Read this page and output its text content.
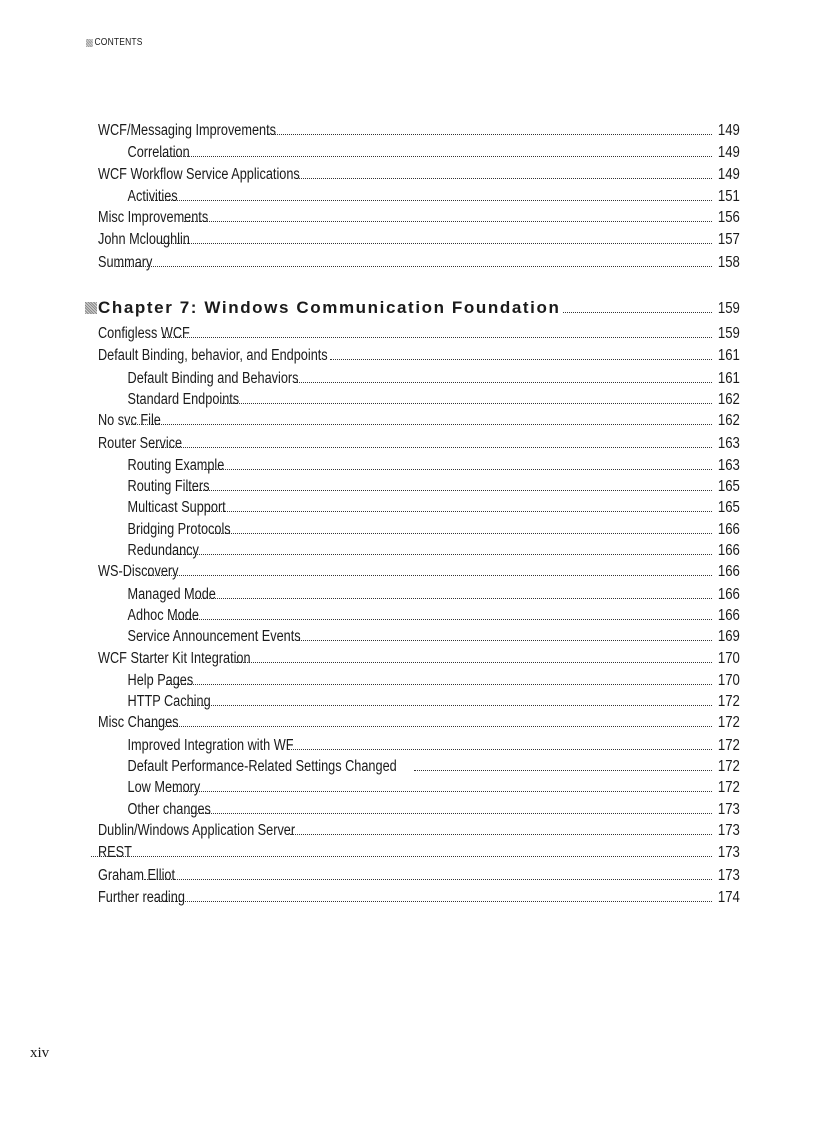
CONTENTS
WCF/Messaging Improvements	149
Correlation	149
WCF Workflow Service Applications	149
Activities	151
Misc Improvements	156
John Mcloughlin	157
Summary	158
Chapter 7: Windows Communication Foundation	159
Configless WCF	159
Default Binding, behavior, and Endpoints	161
Default Binding and Behaviors	161
Standard Endpoints	162
No svc File	162
Router Service	163
Routing Example	163
Routing Filters	165
Multicast Support	165
Bridging Protocols	166
Redundancy	166
WS-Discovery	166
Managed Mode	166
Adhoc Mode	166
Service Announcement Events	169
WCF Starter Kit Integration	170
Help Pages	170
HTTP Caching	172
Misc Changes	172
Improved Integration with WF	172
Default Performance-Related Settings Changed	172
Low Memory	172
Other changes	173
Dublin/Windows Application Server	173
REST	173
Graham Elliot	173
Further reading	174
xiv
